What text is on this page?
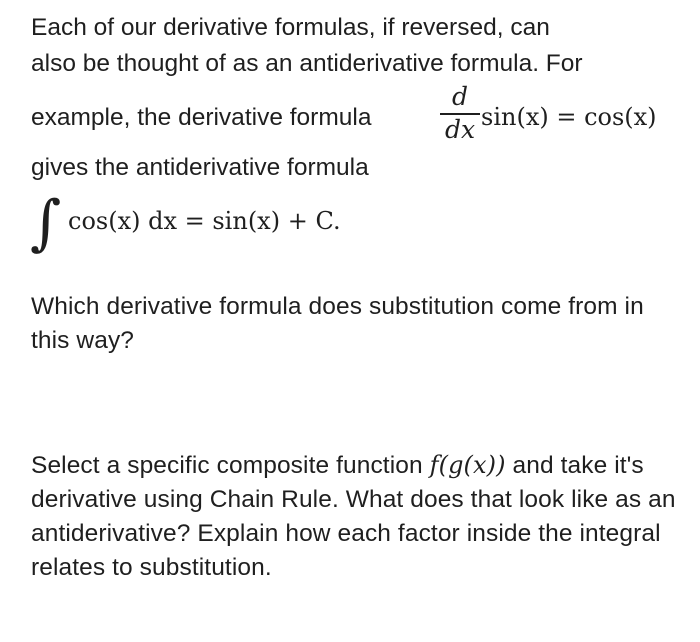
Each of our derivative formulas, if reversed, can
also be thought of as an antiderivative formula. For
example, the derivative formula
d
dx sin(x) = cos(x)
gives the antiderivative formula
∫ cos(x) dx = sin(x) + C.
Which derivative formula does substitution come from in this way?
Select a specific composite function f(g(x)) and take it's derivative using Chain Rule. What does that look like as an antiderivative? Explain how each factor inside the integral relates to substitution.
